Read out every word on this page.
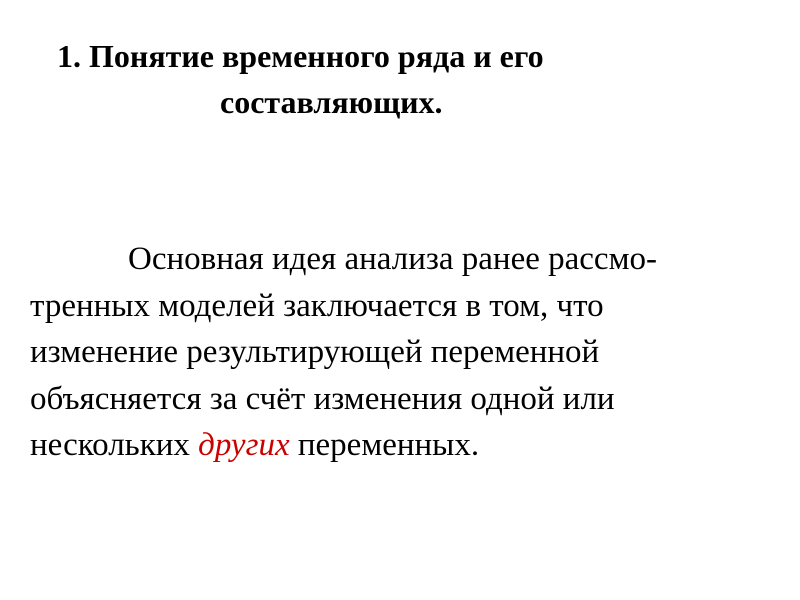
1. Понятие временного ряда и его
составляющих.

Основная идея анализа ранее рассмо-
тренных моделей заключается в том, что
изменение результирующей переменной
объясняется за счёт изменения одной или
нескольких других переменных.
